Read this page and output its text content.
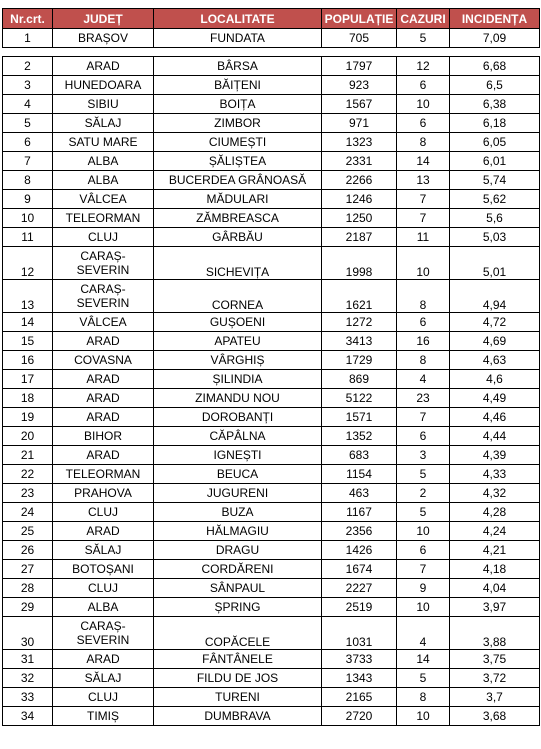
Nr.crt.	JUDEȚ	LOCALITATE	POPULAȚIE	CAZURI	INCIDENȚA
1	BRAȘOV	FUNDATA	705	5	7,09
2	ARAD	BÂRSA	1797	12	6,68
3	HUNEDOARA	BĂIȚENI	923	6	6,5
4	SIBIU	BOIȚA	1567	10	6,38
5	SĂLAJ	ZIMBOR	971	6	6,18
6	SATU MARE	CIUMEȘTI	1323	8	6,05
7	ALBA	ȘĂLIȘTEA	2331	14	6,01
8	ALBA	BUCERDEA GRÂNOASĂ	2266	13	5,74
9	VÂLCEA	MĂDULARI	1246	7	5,62
10	TELEORMAN	ZĂMBREASCA	1250	7	5,6
11	CLUJ	GÂRBĂU	2187	11	5,03
12	CARAȘ-
SEVERIN	SICHEVIȚA	1998	10	5,01
13	CARAȘ-
SEVERIN	CORNEA	1621	8	4,94
14	VÂLCEA	GUȘOENI	1272	6	4,72
15	ARAD	APATEU	3413	16	4,69
16	COVASNA	VÂRGHIȘ	1729	8	4,63
17	ARAD	ȘILINDIA	869	4	4,6
18	ARAD	ZIMANDU NOU	5122	23	4,49
19	ARAD	DOROBANȚI	1571	7	4,46
20	BIHOR	CĂPÂLNA	1352	6	4,44
21	ARAD	IGNEȘTI	683	3	4,39
22	TELEORMAN	BEUCA	1154	5	4,33
23	PRAHOVA	JUGURENI	463	2	4,32
24	CLUJ	BUZA	1167	5	4,28
25	ARAD	HĂLMAGIU	2356	10	4,24
26	SĂLAJ	DRAGU	1426	6	4,21
27	BOTOȘANI	CORDĂRENI	1674	7	4,18
28	CLUJ	SÂNPAUL	2227	9	4,04
29	ALBA	ȘPRING	2519	10	3,97
30	CARAȘ-
SEVERIN	COPĂCELE	1031	4	3,88
31	ARAD	FÂNTÂNELE	3733	14	3,75
32	SĂLAJ	FILDU DE JOS	1343	5	3,72
33	CLUJ	TURENI	2165	8	3,7
34	TIMIȘ	DUMBRAVA	2720	10	3,68
